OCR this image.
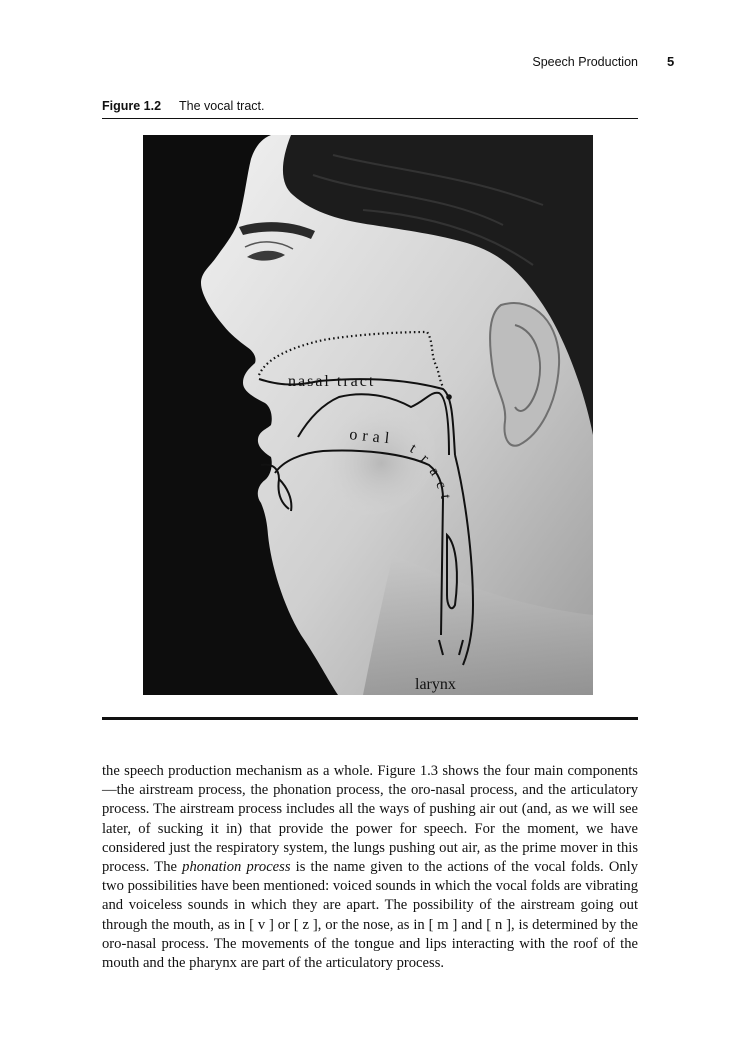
Speech Production 5
Figure 1.2 The vocal tract.
nasal tract
oral
t
r
a
c
t
larynx

the speech production mechanism as a whole. Figure 1.3 shows the four main components—the airstream process, the phonation process, the oro-nasal process, and the articulatory process. The airstream process includes all the ways of pushing air out (and, as we will see later, of sucking it in) that provide the power for speech. For the moment, we have considered just the respiratory system, the lungs pushing out air, as the prime mover in this process. The phonation process is the name given to the actions of the vocal folds. Only two possibilities have been mentioned: voiced sounds in which the vocal folds are vibrating and voiceless sounds in which they are apart. The possibility of the airstream going out through the mouth, as in [ v ] or [ z ], or the nose, as in [ m ] and [ n ], is determined by the oro-nasal process. The movements of the tongue and lips interacting with the roof of the mouth and the pharynx are part of the articulatory process.
